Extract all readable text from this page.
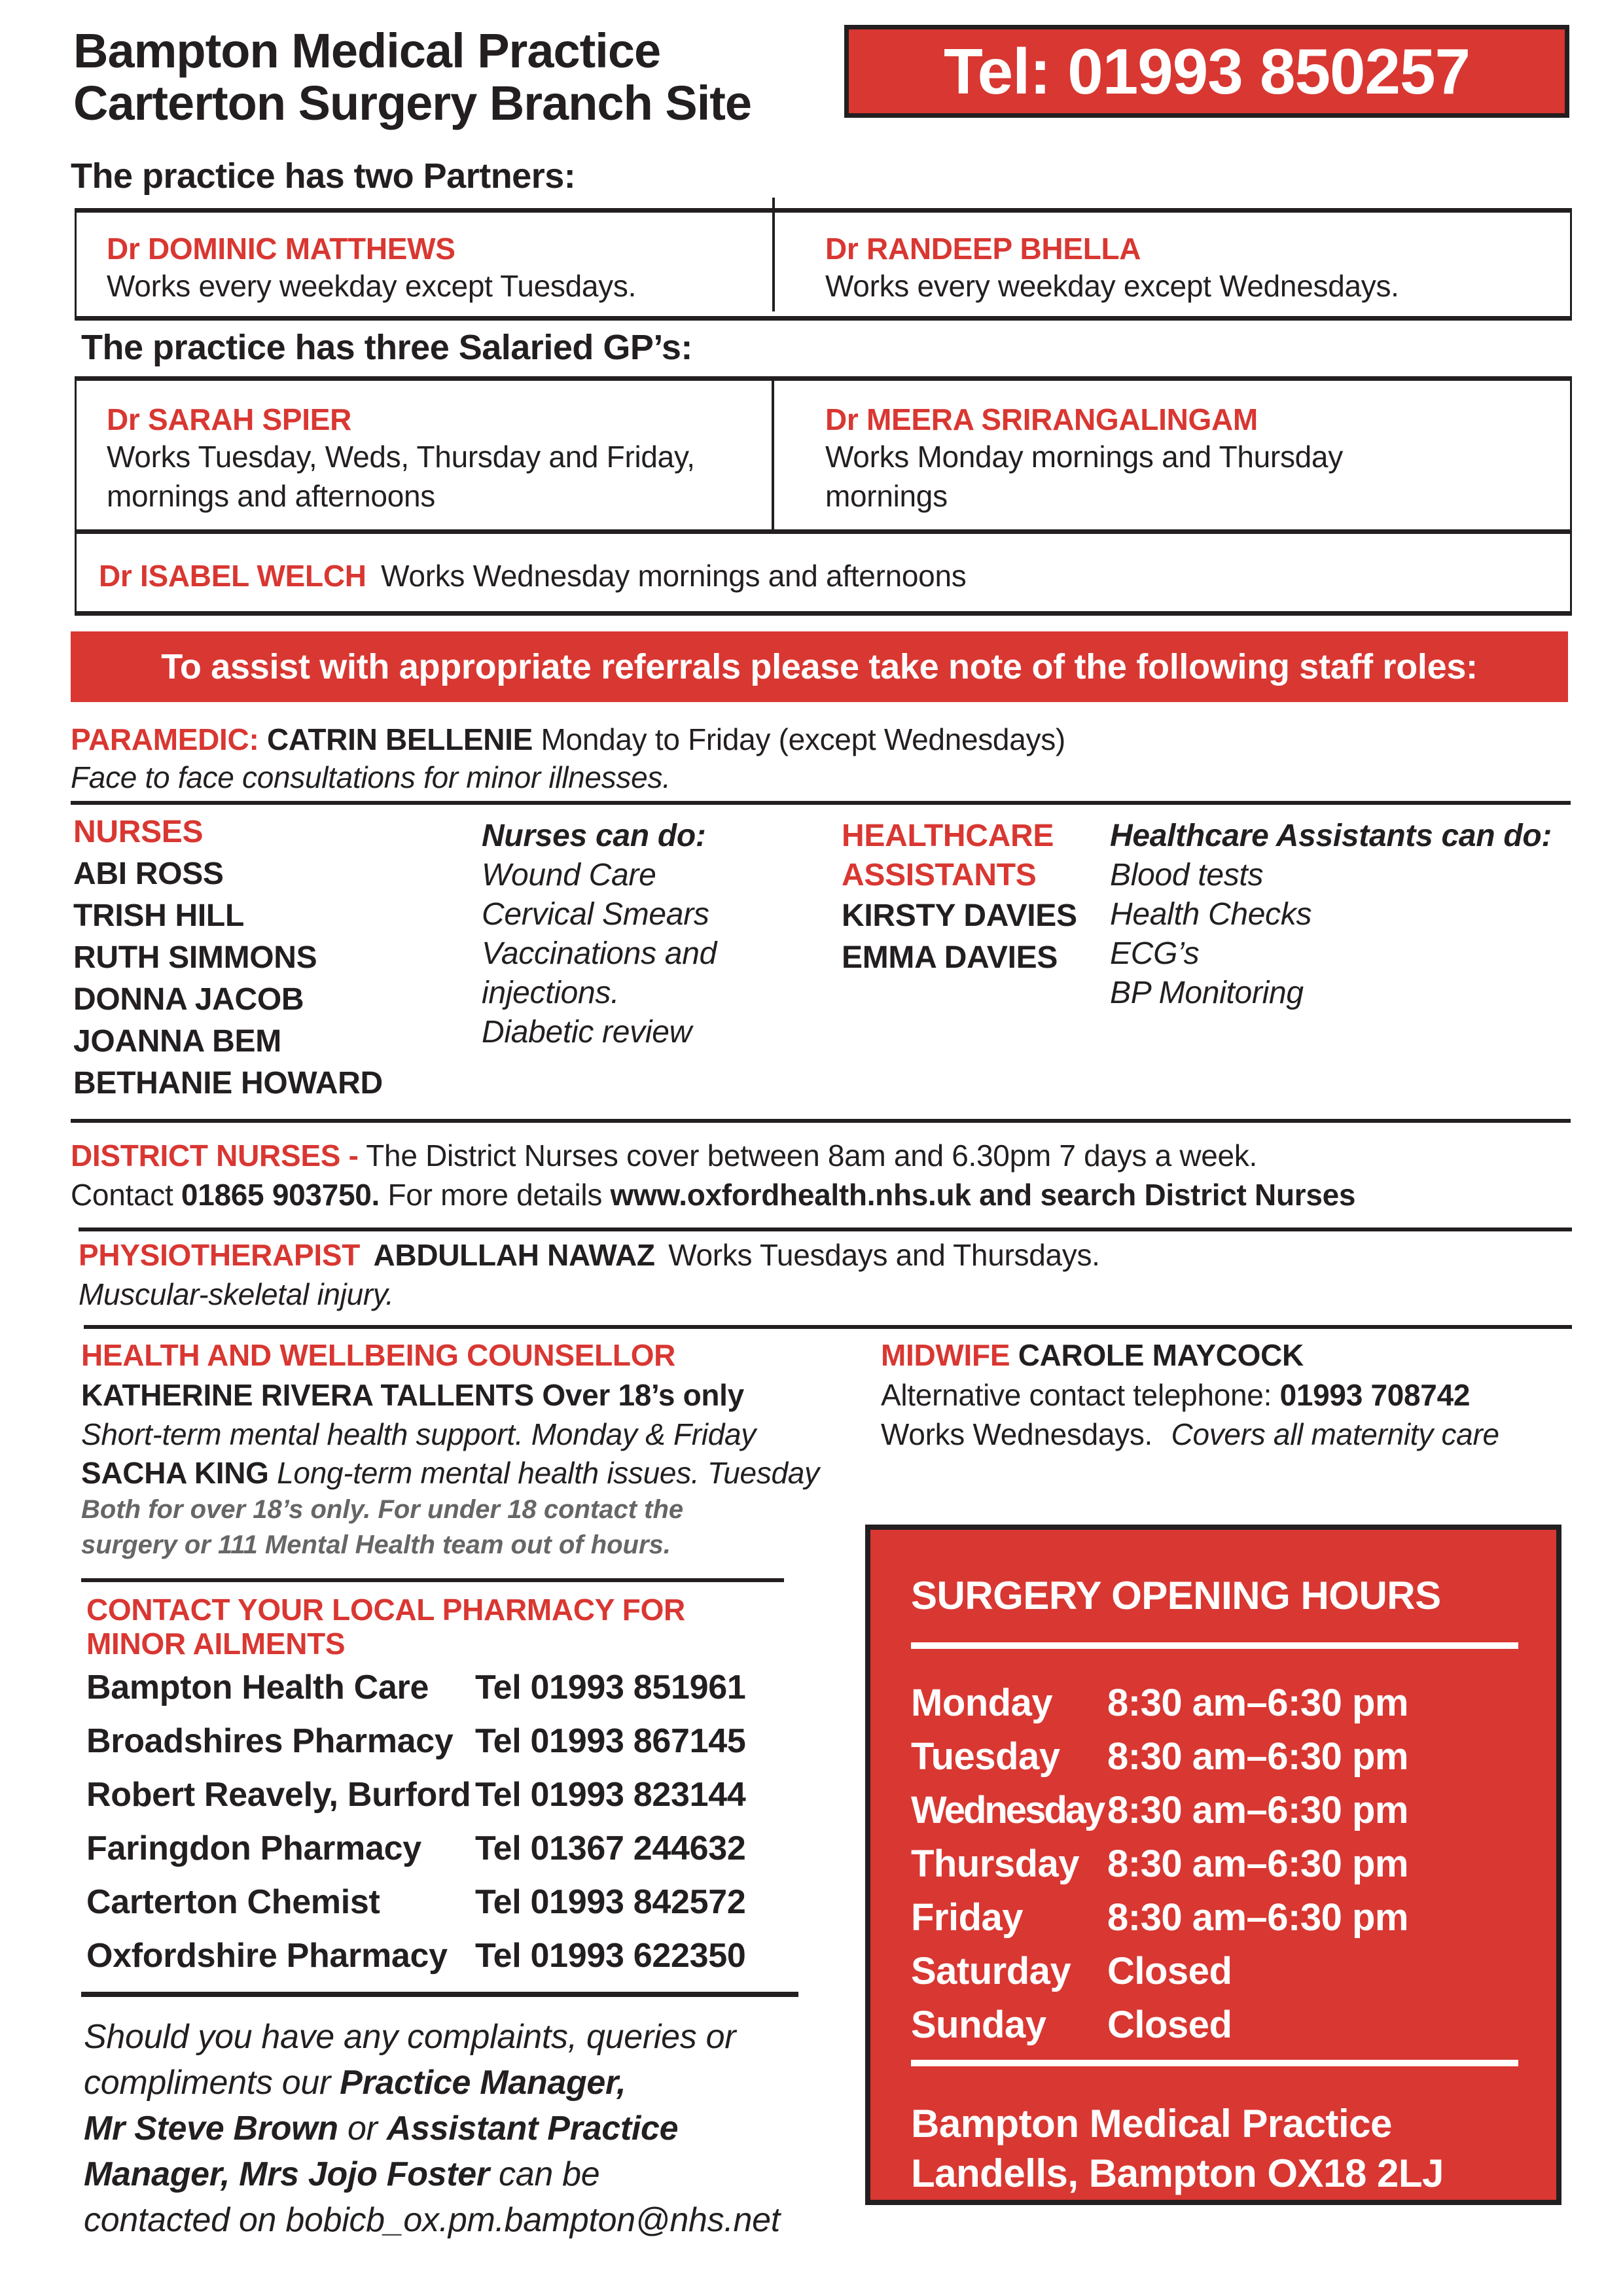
Bampton Medical Practice
Carterton Surgery Branch Site	Tel: 01993 850257
The practice has two Partners:
Dr DOMINIC MATTHEWS
Works every weekday except Tuesdays.
Dr RANDEEP BHELLA
Works every weekday except Wednesdays.
The practice has three Salaried GP’s:
Dr SARAH SPIER
Works Tuesday, Weds, Thursday and Friday,
mornings and afternoons
Dr MEERA SRIRANGALINGAM
Works Monday mornings and Thursday
mornings
Dr ISABEL WELCH Works Wednesday mornings and afternoons
To assist with appropriate referrals please take note of the following staff roles:
PARAMEDIC: CATRIN BELLENIE Monday to Friday (except Wednesdays)
Face to face consultations for minor illnesses.
NURSES
ABI ROSS
TRISH HILL
RUTH SIMMONS
DONNA JACOB
JOANNA BEM
BETHANIE HOWARD
Nurses can do:
Wound Care
Cervical Smears
Vaccinations and
injections.
Diabetic review
HEALTHCARE
ASSISTANTS
KIRSTY DAVIES
EMMA DAVIES
Healthcare Assistants can do:
Blood tests
Health Checks
ECG’s
BP Monitoring
DISTRICT NURSES - The District Nurses cover between 8am and 6.30pm 7 days a week.
Contact 01865 903750. For more details www.oxfordhealth.nhs.uk and search District Nurses
PHYSIOTHERAPIST ABDULLAH NAWAZ Works Tuesdays and Thursdays.
Muscular-skeletal injury.
HEALTH AND WELLBEING COUNSELLOR
KATHERINE RIVERA TALLENTS Over 18’s only
Short-term mental health support. Monday & Friday
SACHA KING Long-term mental health issues. Tuesday
Both for over 18’s only. For under 18 contact the
surgery or 111 Mental Health team out of hours.
MIDWIFE CAROLE MAYCOCK
Alternative contact telephone: 01993 708742
Works Wednesdays. Covers all maternity care
CONTACT YOUR LOCAL PHARMACY FOR
MINOR AILMENTS
Bampton Health Care	Tel 01993 851961
Broadshires Pharmacy Tel 01993 867145
Robert Reavely, Burford Tel 01993 823144
Faringdon Pharmacy	Tel 01367 244632
Carterton Chemist	Tel 01993 842572
Oxfordshire Pharmacy Tel 01993 622350
Should you have any complaints, queries or
compliments our Practice Manager,
Mr Steve Brown or Assistant Practice
Manager, Mrs Jojo Foster can be
contacted on bobicb_ox.pm.bampton@nhs.net
SURGERY OPENING HOURS
Monday	8:30 am–6:30 pm
Tuesday	8:30 am–6:30 pm
Wednesday 8:30 am–6:30 pm
Thursday 8:30 am–6:30 pm
Friday	8:30 am–6:30 pm
Saturday Closed
Sunday	Closed
Bampton Medical Practice
Landells, Bampton OX18 2LJ
